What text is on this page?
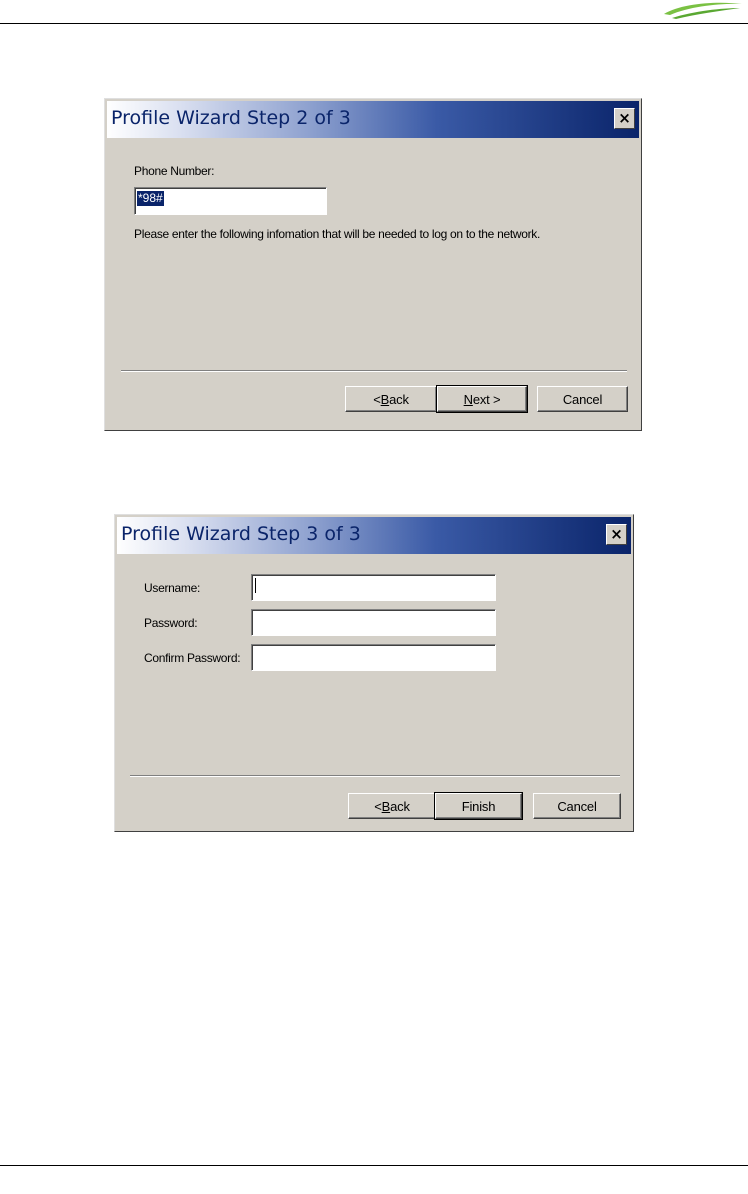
Profile Wizard Step 2 of 3	×
Phone Number:
*98#
Please enter the following infomation that will be needed to log on to the network.
< B ack	N ext >	Cancel
Profile Wizard Step 3 of 3	×
Username:
Password:
Confirm Password:
< B ack	Finish	Cancel
